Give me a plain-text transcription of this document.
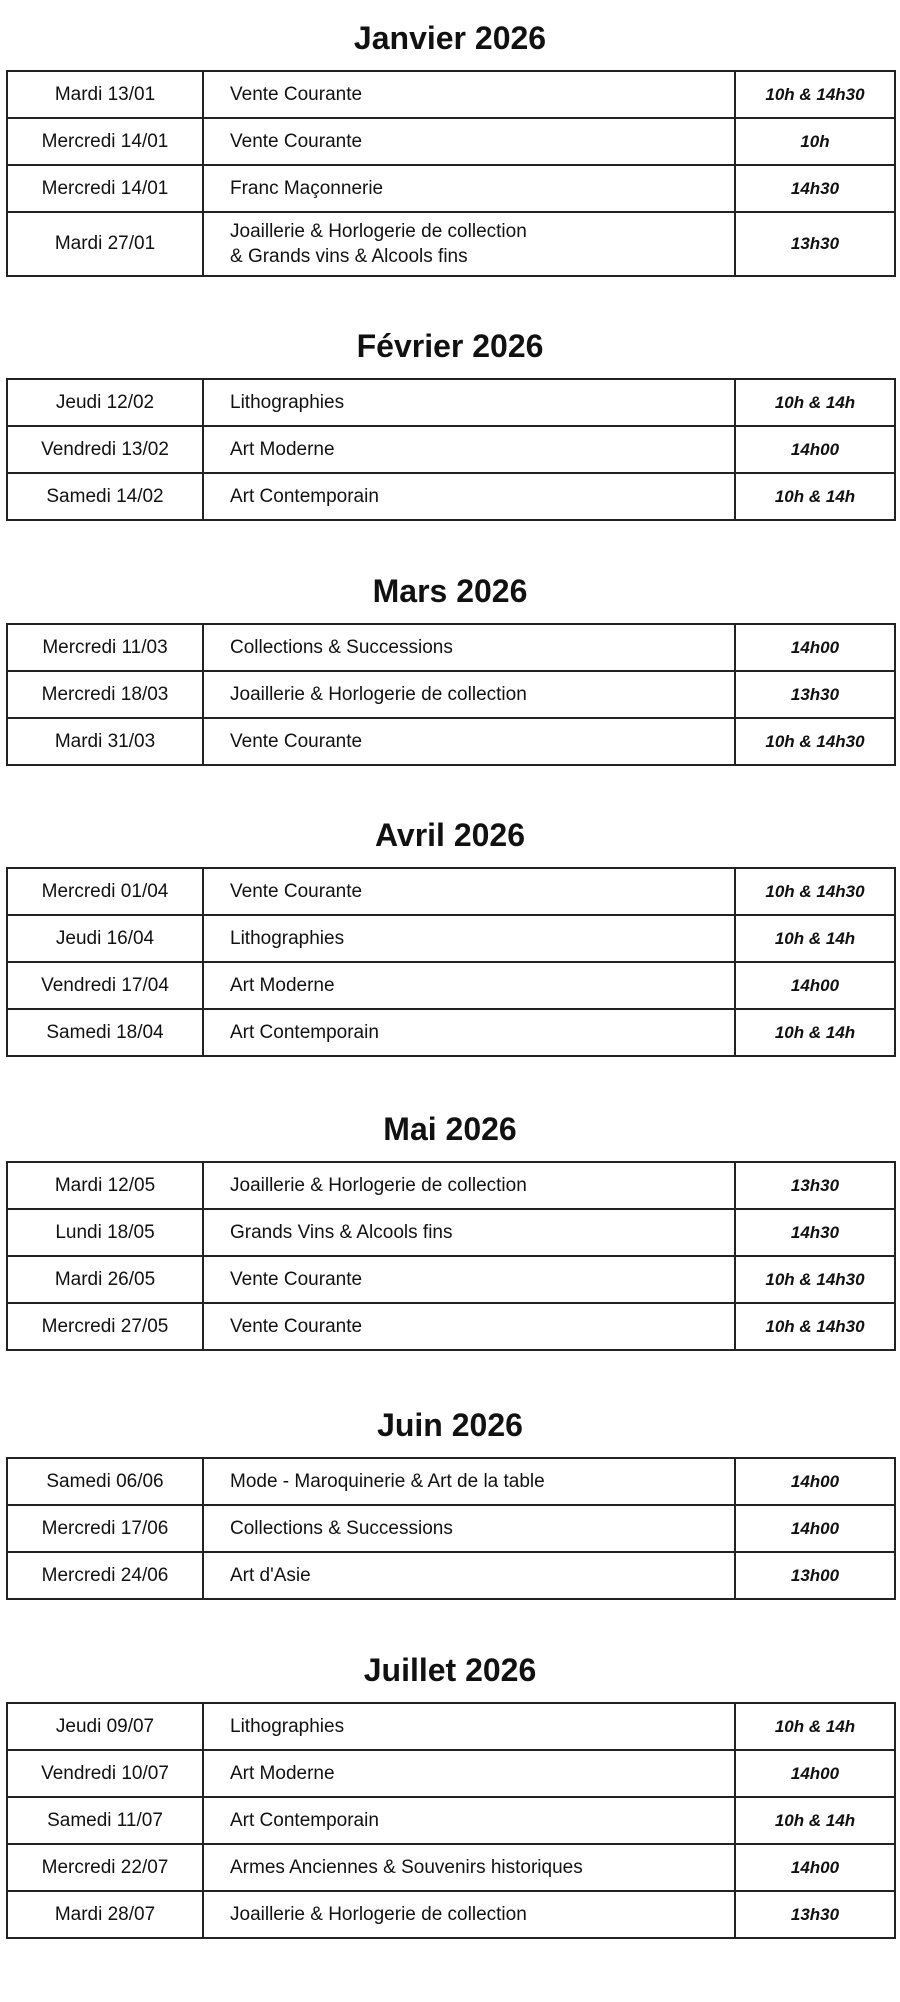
Janvier 2026
Mardi 13/01	Vente Courante	10h & 14h30
Mercredi 14/01	Vente Courante	10h
Mercredi 14/01	Franc Maçonnerie	14h30
Mardi 27/01	Joaillerie & Horlogerie de collection
& Grands vins & Alcools fins	13h30
Février 2026
Jeudi 12/02	Lithographies	10h & 14h
Vendredi 13/02	Art Moderne	14h00
Samedi 14/02	Art Contemporain	10h & 14h
Mars 2026
Mercredi 11/03	Collections & Successions	14h00
Mercredi 18/03	Joaillerie & Horlogerie de collection	13h30
Mardi 31/03	Vente Courante	10h & 14h30
Avril 2026
Mercredi 01/04	Vente Courante	10h & 14h30
Jeudi 16/04	Lithographies	10h & 14h
Vendredi 17/04	Art Moderne	14h00
Samedi 18/04	Art Contemporain	10h & 14h
Mai 2026
Mardi 12/05	Joaillerie & Horlogerie de collection	13h30
Lundi 18/05	Grands Vins & Alcools fins	14h30
Mardi 26/05	Vente Courante	10h & 14h30
Mercredi 27/05	Vente Courante	10h & 14h30
Juin 2026
Samedi 06/06	Mode - Maroquinerie & Art de la table	14h00
Mercredi 17/06	Collections & Successions	14h00
Mercredi 24/06	Art d'Asie	13h00
Juillet 2026
Jeudi 09/07	Lithographies	10h & 14h
Vendredi 10/07	Art Moderne	14h00
Samedi 11/07	Art Contemporain	10h & 14h
Mercredi 22/07	Armes Anciennes & Souvenirs historiques	14h00
Mardi 28/07	Joaillerie & Horlogerie de collection	13h30
